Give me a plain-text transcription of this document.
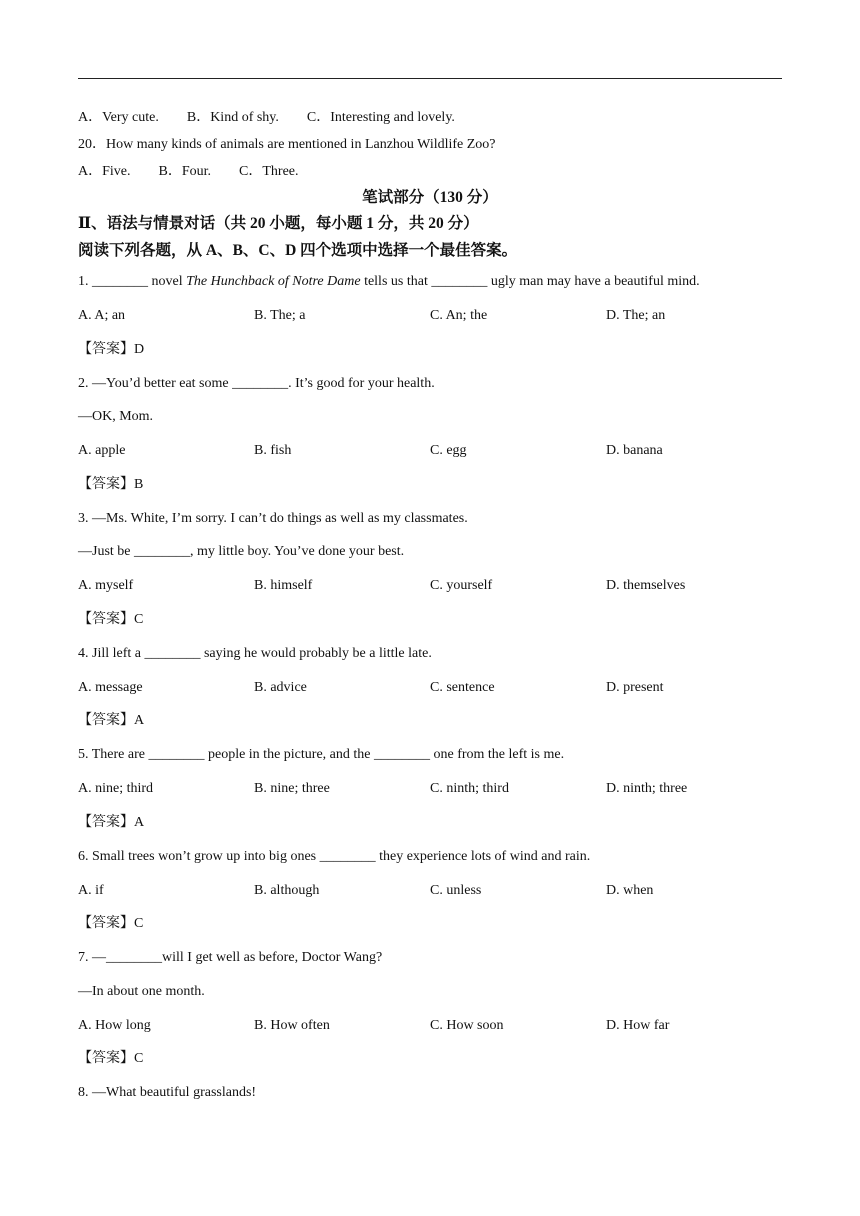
A．Very cute.        B．Kind of shy.        C．Interesting and lovely.
20．How many kinds of animals are mentioned in Lanzhou Wildlife Zoo?
A．Five.        B．Four.        C．Three.
笔试部分（130 分）
Ⅱ、语法与情景对话（共 20 小题，每小题 1 分，共 20 分）
阅读下列各题，从 A、B、C、D 四个选项中选择一个最佳答案。
1. ________ novel The Hunchback of Notre Dame tells us that ________ ugly man may have a beautiful mind.
A. A; an	B. The; a	C. An; the	D. The; an
【答案】D
2. —You’d better eat some ________. It’s good for your health.
—OK, Mom.
A. apple	B. fish	C. egg	D. banana
【答案】B
3. —Ms. White, I’m sorry. I can’t do things as well as my classmates.
—Just be ________, my little boy. You’ve done your best.
A. myself	B. himself	C. yourself	D. themselves
【答案】C
4. Jill left a ________ saying he would probably be a little late.
A. message	B. advice	C. sentence	D. present
【答案】A
5. There are ________ people in the picture, and the ________ one from the left is me.
A. nine; third	B. nine; three	C. ninth; third	D. ninth; three
【答案】A
6. Small trees won’t grow up into big ones ________ they experience lots of wind and rain.
A. if	B. although	C. unless	D. when
【答案】C
7. —________will I get well as before, Doctor Wang?
—In about one month.
A. How long	B. How often	C. How soon	D. How far
【答案】C
8. —What beautiful grasslands!
